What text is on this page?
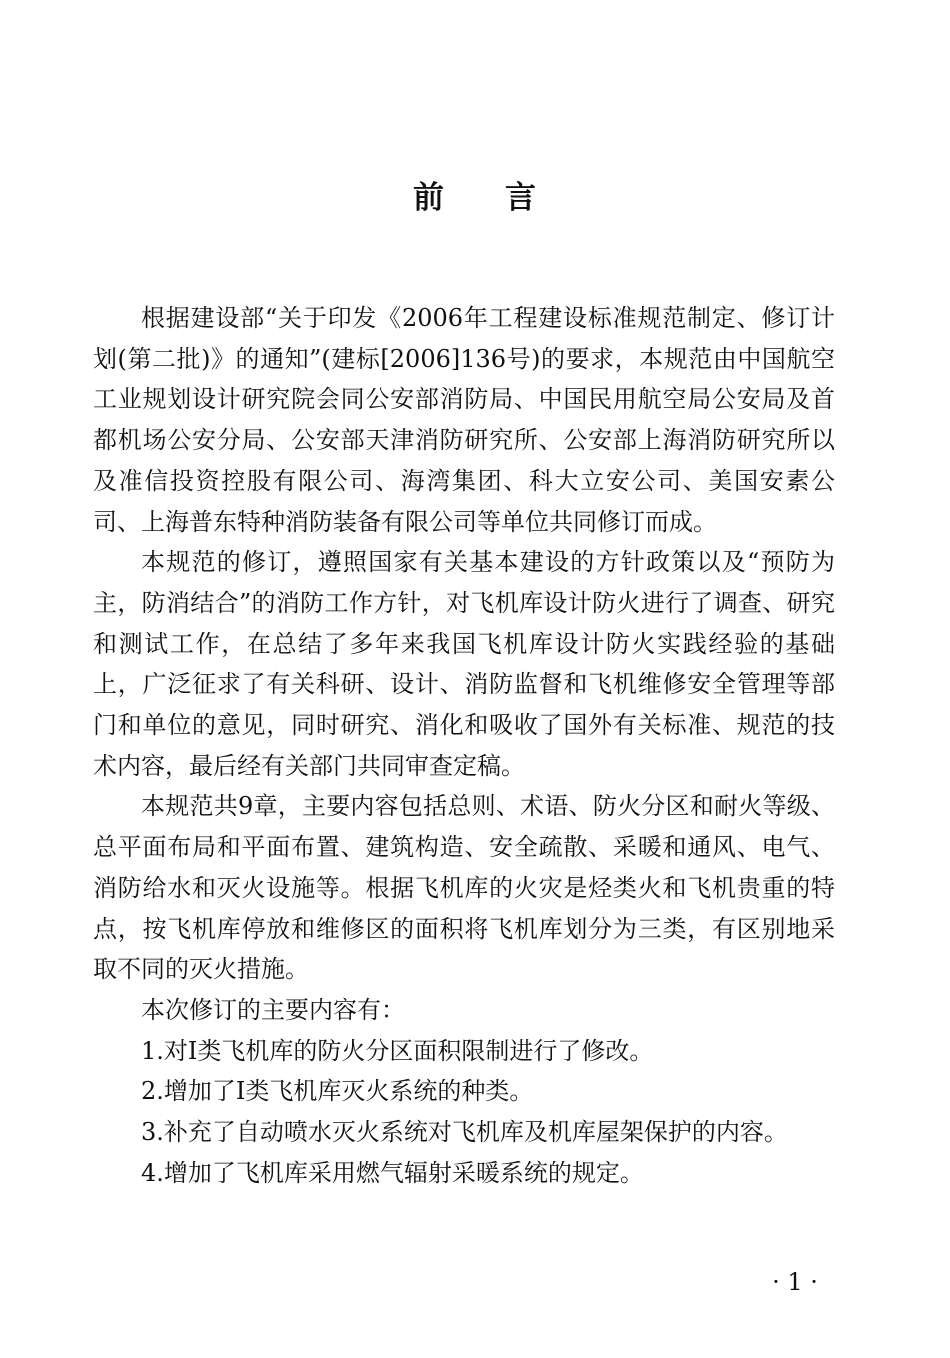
前 言

根据建设部“关于印发《2006年工程建设标准规范制定、修订计划(第二批)》的通知”(建标[2006]136号)的要求，本规范由中国航空工业规划设计研究院会同公安部消防局、中国民用航空局公安局及首都机场公安分局、公安部天津消防研究所、公安部上海消防研究所以及准信投资控股有限公司、海湾集团、科大立安公司、美国安素公司、上海普东特种消防装备有限公司等单位共同修订而成。

本规范的修订，遵照国家有关基本建设的方针政策以及“预防为主，防消结合”的消防工作方针，对飞机库设计防火进行了调查、研究和测试工作，在总结了多年来我国飞机库设计防火实践经验的基础上，广泛征求了有关科研、设计、消防监督和飞机维修安全管理等部门和单位的意见，同时研究、消化和吸收了国外有关标准、规范的技术内容，最后经有关部门共同审查定稿。

本规范共9章，主要内容包括总则、术语、防火分区和耐火等级、总平面布局和平面布置、建筑构造、安全疏散、采暖和通风、电气、消防给水和灭火设施等。根据飞机库的火灾是烃类火和飞机贵重的特点，按飞机库停放和维修区的面积将飞机库划分为三类，有区别地采取不同的灭火措施。

本次修订的主要内容有：

1.对Ⅰ类飞机库的防火分区面积限制进行了修改。

2.增加了Ⅰ类飞机库灭火系统的种类。

3.补充了自动喷水灭火系统对飞机库及机库屋架保护的内容。

4.增加了飞机库采用燃气辐射采暖系统的规定。

· 1 ·
